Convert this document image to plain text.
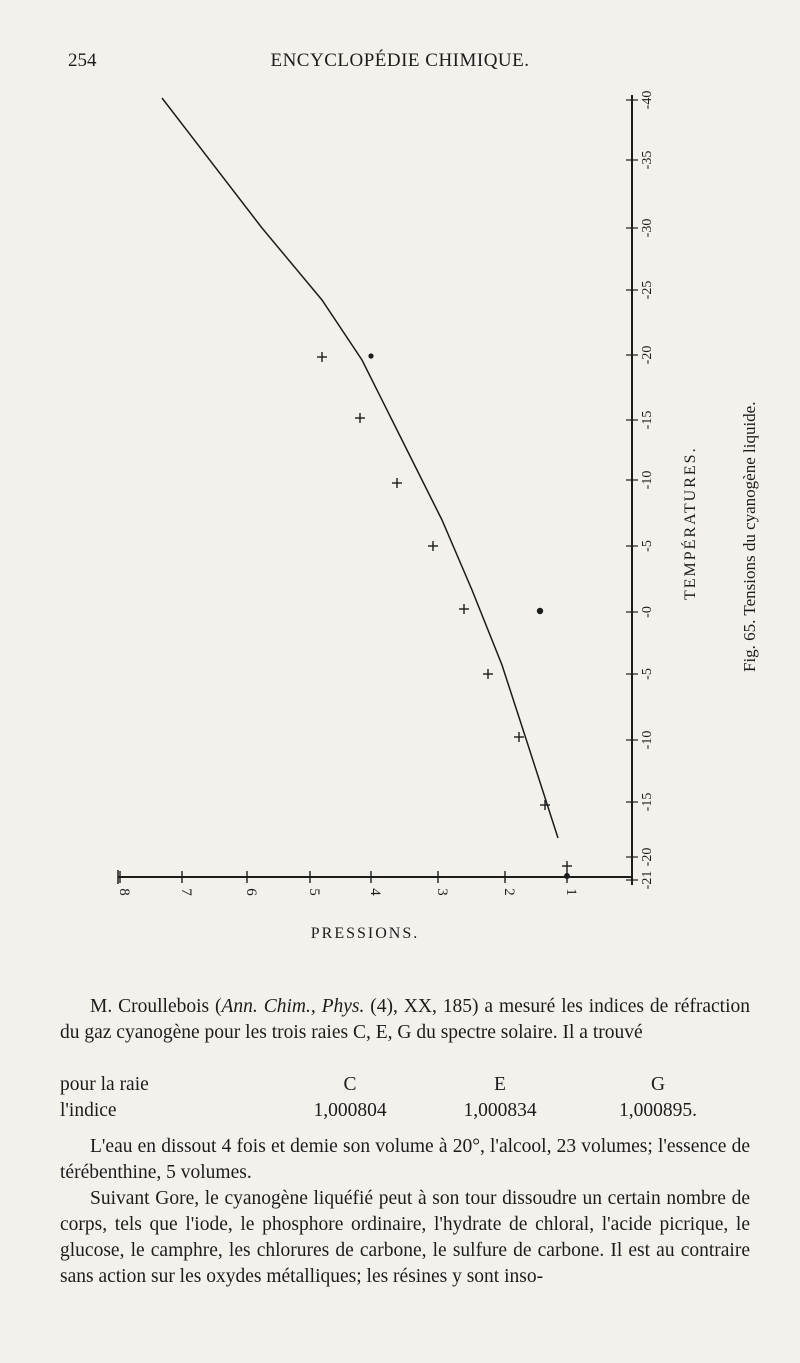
254	ENCYCLOPÉDIE CHIMIQUE.
1
2
3
4
5
6
7
8
-21
-20
-15
-10
-5
-0
-5
-10
-15
-20
-25
-30
-35
-40
PRESSIONS.
TEMPÉRATURES. Fig. 65. Tensions du cyanogène liquide.
M. Croullebois (Ann. Chim., Phys. (4), XX, 185) a mesuré les indices de réfraction du gaz cyanogène pour les trois raies C, E, G du spectre solaire. Il a trouvé
pour la raie	C	E	G
l'indice	1,000804	1,000834	1,000895.
L'eau en dissout 4 fois et demie son volume à 20°, l'alcool, 23 volumes; l'essence de térébenthine, 5 volumes.
Suivant Gore, le cyanogène liquéfié peut à son tour dissoudre un certain nombre de corps, tels que l'iode, le phosphore ordinaire, l'hydrate de chloral, l'acide picrique, le glucose, le camphre, les chlorures de carbone, le sulfure de carbone. Il est au contraire sans action sur les oxydes métalliques; les résines y sont inso-
